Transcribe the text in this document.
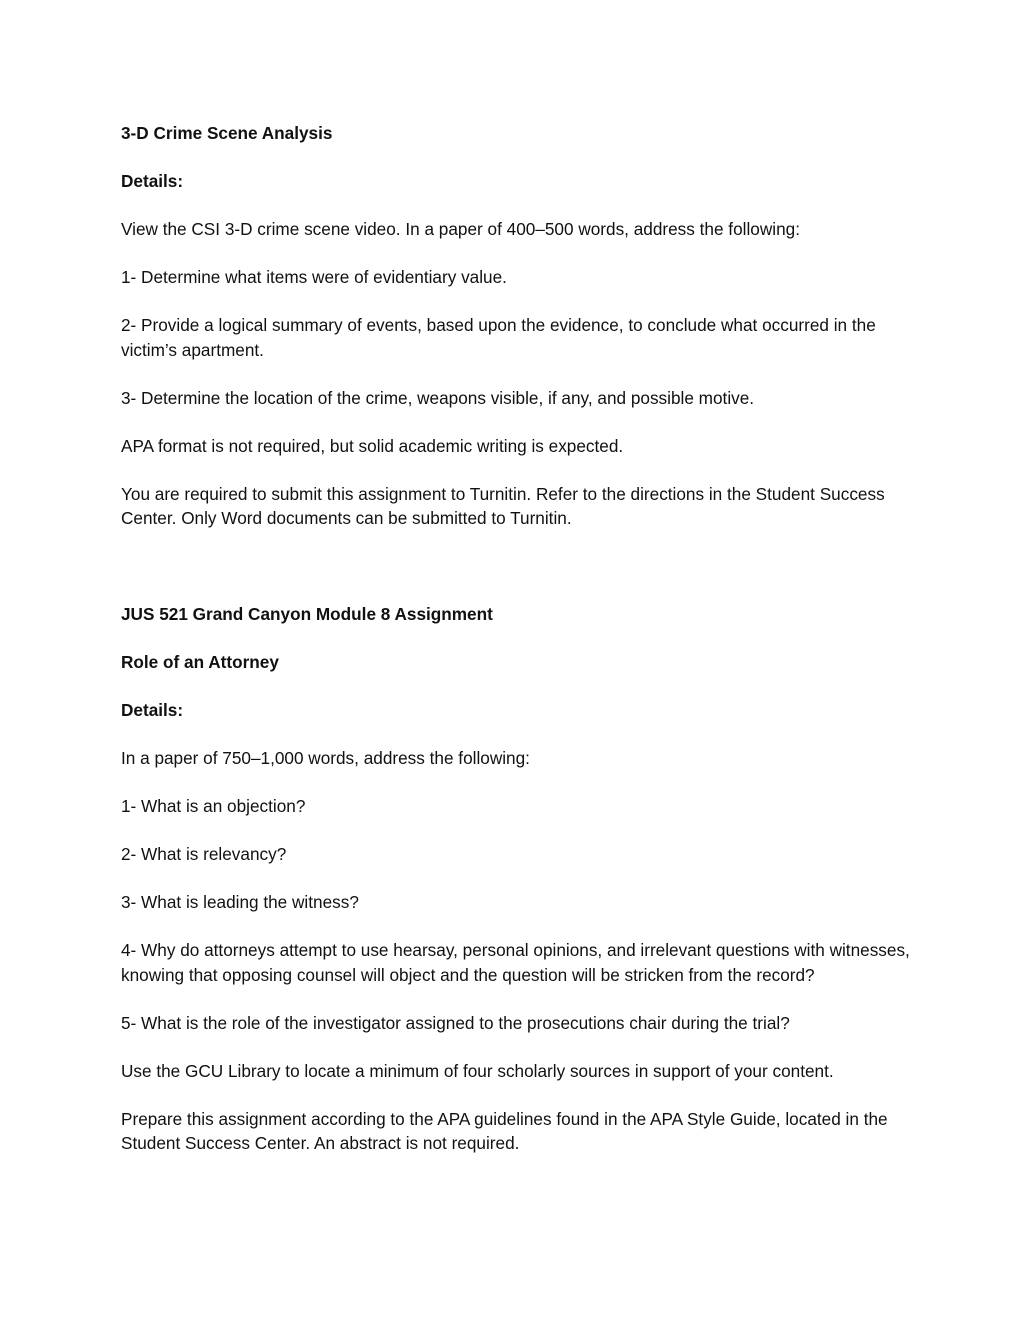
3-D Crime Scene Analysis

Details:

View the CSI 3-D crime scene video. In a paper of 400–500 words, address the following:

1- Determine what items were of evidentiary value.

2- Provide a logical summary of events, based upon the evidence, to conclude what occurred in the victim’s apartment.

3- Determine the location of the crime, weapons visible, if any, and possible motive.

APA format is not required, but solid academic writing is expected.

You are required to submit this assignment to Turnitin. Refer to the directions in the Student Success Center. Only Word documents can be submitted to Turnitin.

JUS 521 Grand Canyon Module 8 Assignment

Role of an Attorney

Details:

In a paper of 750–1,000 words, address the following:

1- What is an objection?

2- What is relevancy?

3- What is leading the witness?

4- Why do attorneys attempt to use hearsay, personal opinions, and irrelevant questions with witnesses, knowing that opposing counsel will object and the question will be stricken from the record?

5- What is the role of the investigator assigned to the prosecutions chair during the trial?

Use the GCU Library to locate a minimum of four scholarly sources in support of your content.

Prepare this assignment according to the APA guidelines found in the APA Style Guide, located in the Student Success Center. An abstract is not required.
